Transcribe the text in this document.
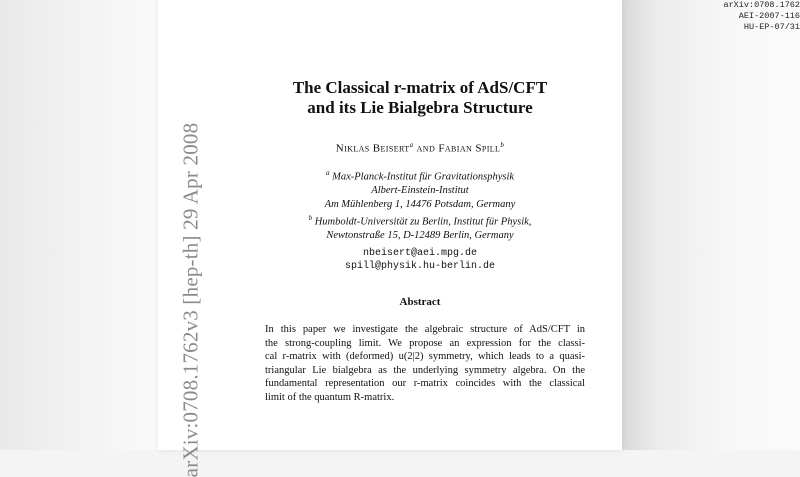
arXiv:0708.1762
AEI-2007-116
HU-EP-07/31
arXiv:0708.1762v3 [hep-th] 29 Apr 2008
The Classical r-matrix of AdS/CFT
and its Lie Bialgebra Structure
Niklas Beisert$^a$ and Fabian Spill$^b$
$^a$ Max-Planck-Institut für Gravitationsphysik
Albert-Einstein-Institut
Am Mühlenberg 1, 14476 Potsdam, Germany
$^b$ Humboldt-Universität zu Berlin, Institut für Physik,
Newtonstraße 15, D-12489 Berlin, Germany
nbeisert@aei.mpg.de
spill@physik.hu-berlin.de
Abstract
In this paper we investigate the algebraic structure of AdS/CFT in
the strong-coupling limit. We propose an expression for the classi-
cal r-matrix with (deformed) u(2|2) symmetry, which leads to a quasi-
triangular Lie bialgebra as the underlying symmetry algebra. On the
fundamental representation our r-matrix coincides with the classical
limit of the quantum R-matrix.
